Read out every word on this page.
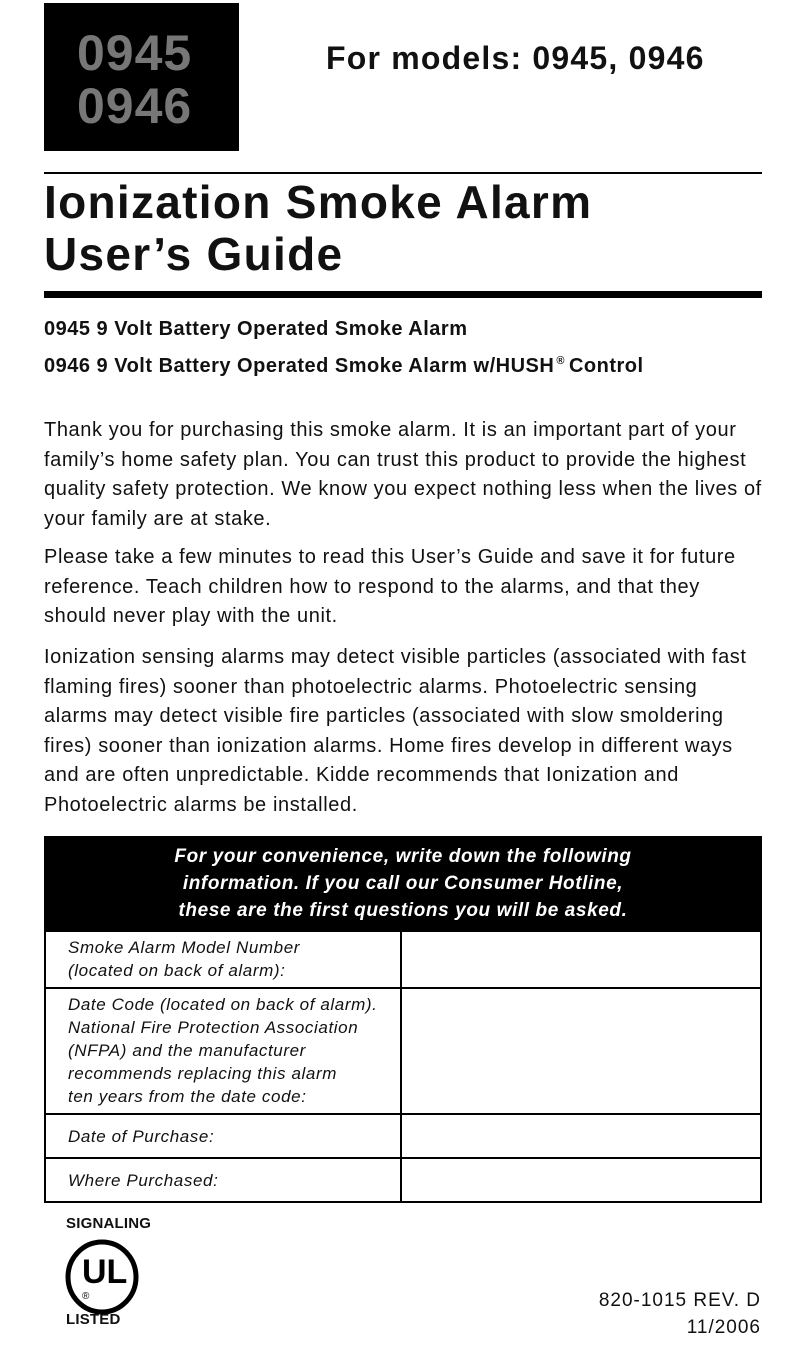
0945
0946
For models: 0945, 0946
Ionization Smoke Alarm
User’s Guide
0945 9 Volt Battery Operated Smoke Alarm
0946 9 Volt Battery Operated Smoke Alarm w/HUSH ® Control
Thank you for purchasing this smoke alarm. It is an important part of your family’s home safety plan. You can trust this product to provide the highest quality safety protection. We know you expect nothing less when the lives of your family are at stake.
Please take a few minutes to read this User’s Guide and save it for future reference. Teach children how to respond to the alarms, and that they should never play with the unit.
Ionization sensing alarms may detect visible particles (associated with fast flaming fires) sooner than photoelectric alarms. Photoelectric sensing alarms may detect visible fire particles (associated with slow smoldering fires) sooner than ionization alarms. Home fires develop in different ways and are often unpredictable. Kidde recommends that Ionization and Photoelectric alarms be installed.
For your convenience, write down the following
information. If you call our Consumer Hotline,
these are the first questions you will be asked.
Smoke Alarm Model Number
(located on back of alarm):
Date Code (located on back of alarm).
National Fire Protection Association
(NFPA) and the manufacturer
recommends replacing this alarm
ten years from the date code:
Date of Purchase:
Where Purchased:
SIGNALING
UL
®
LISTED
820-1015 REV. D
11/2006
